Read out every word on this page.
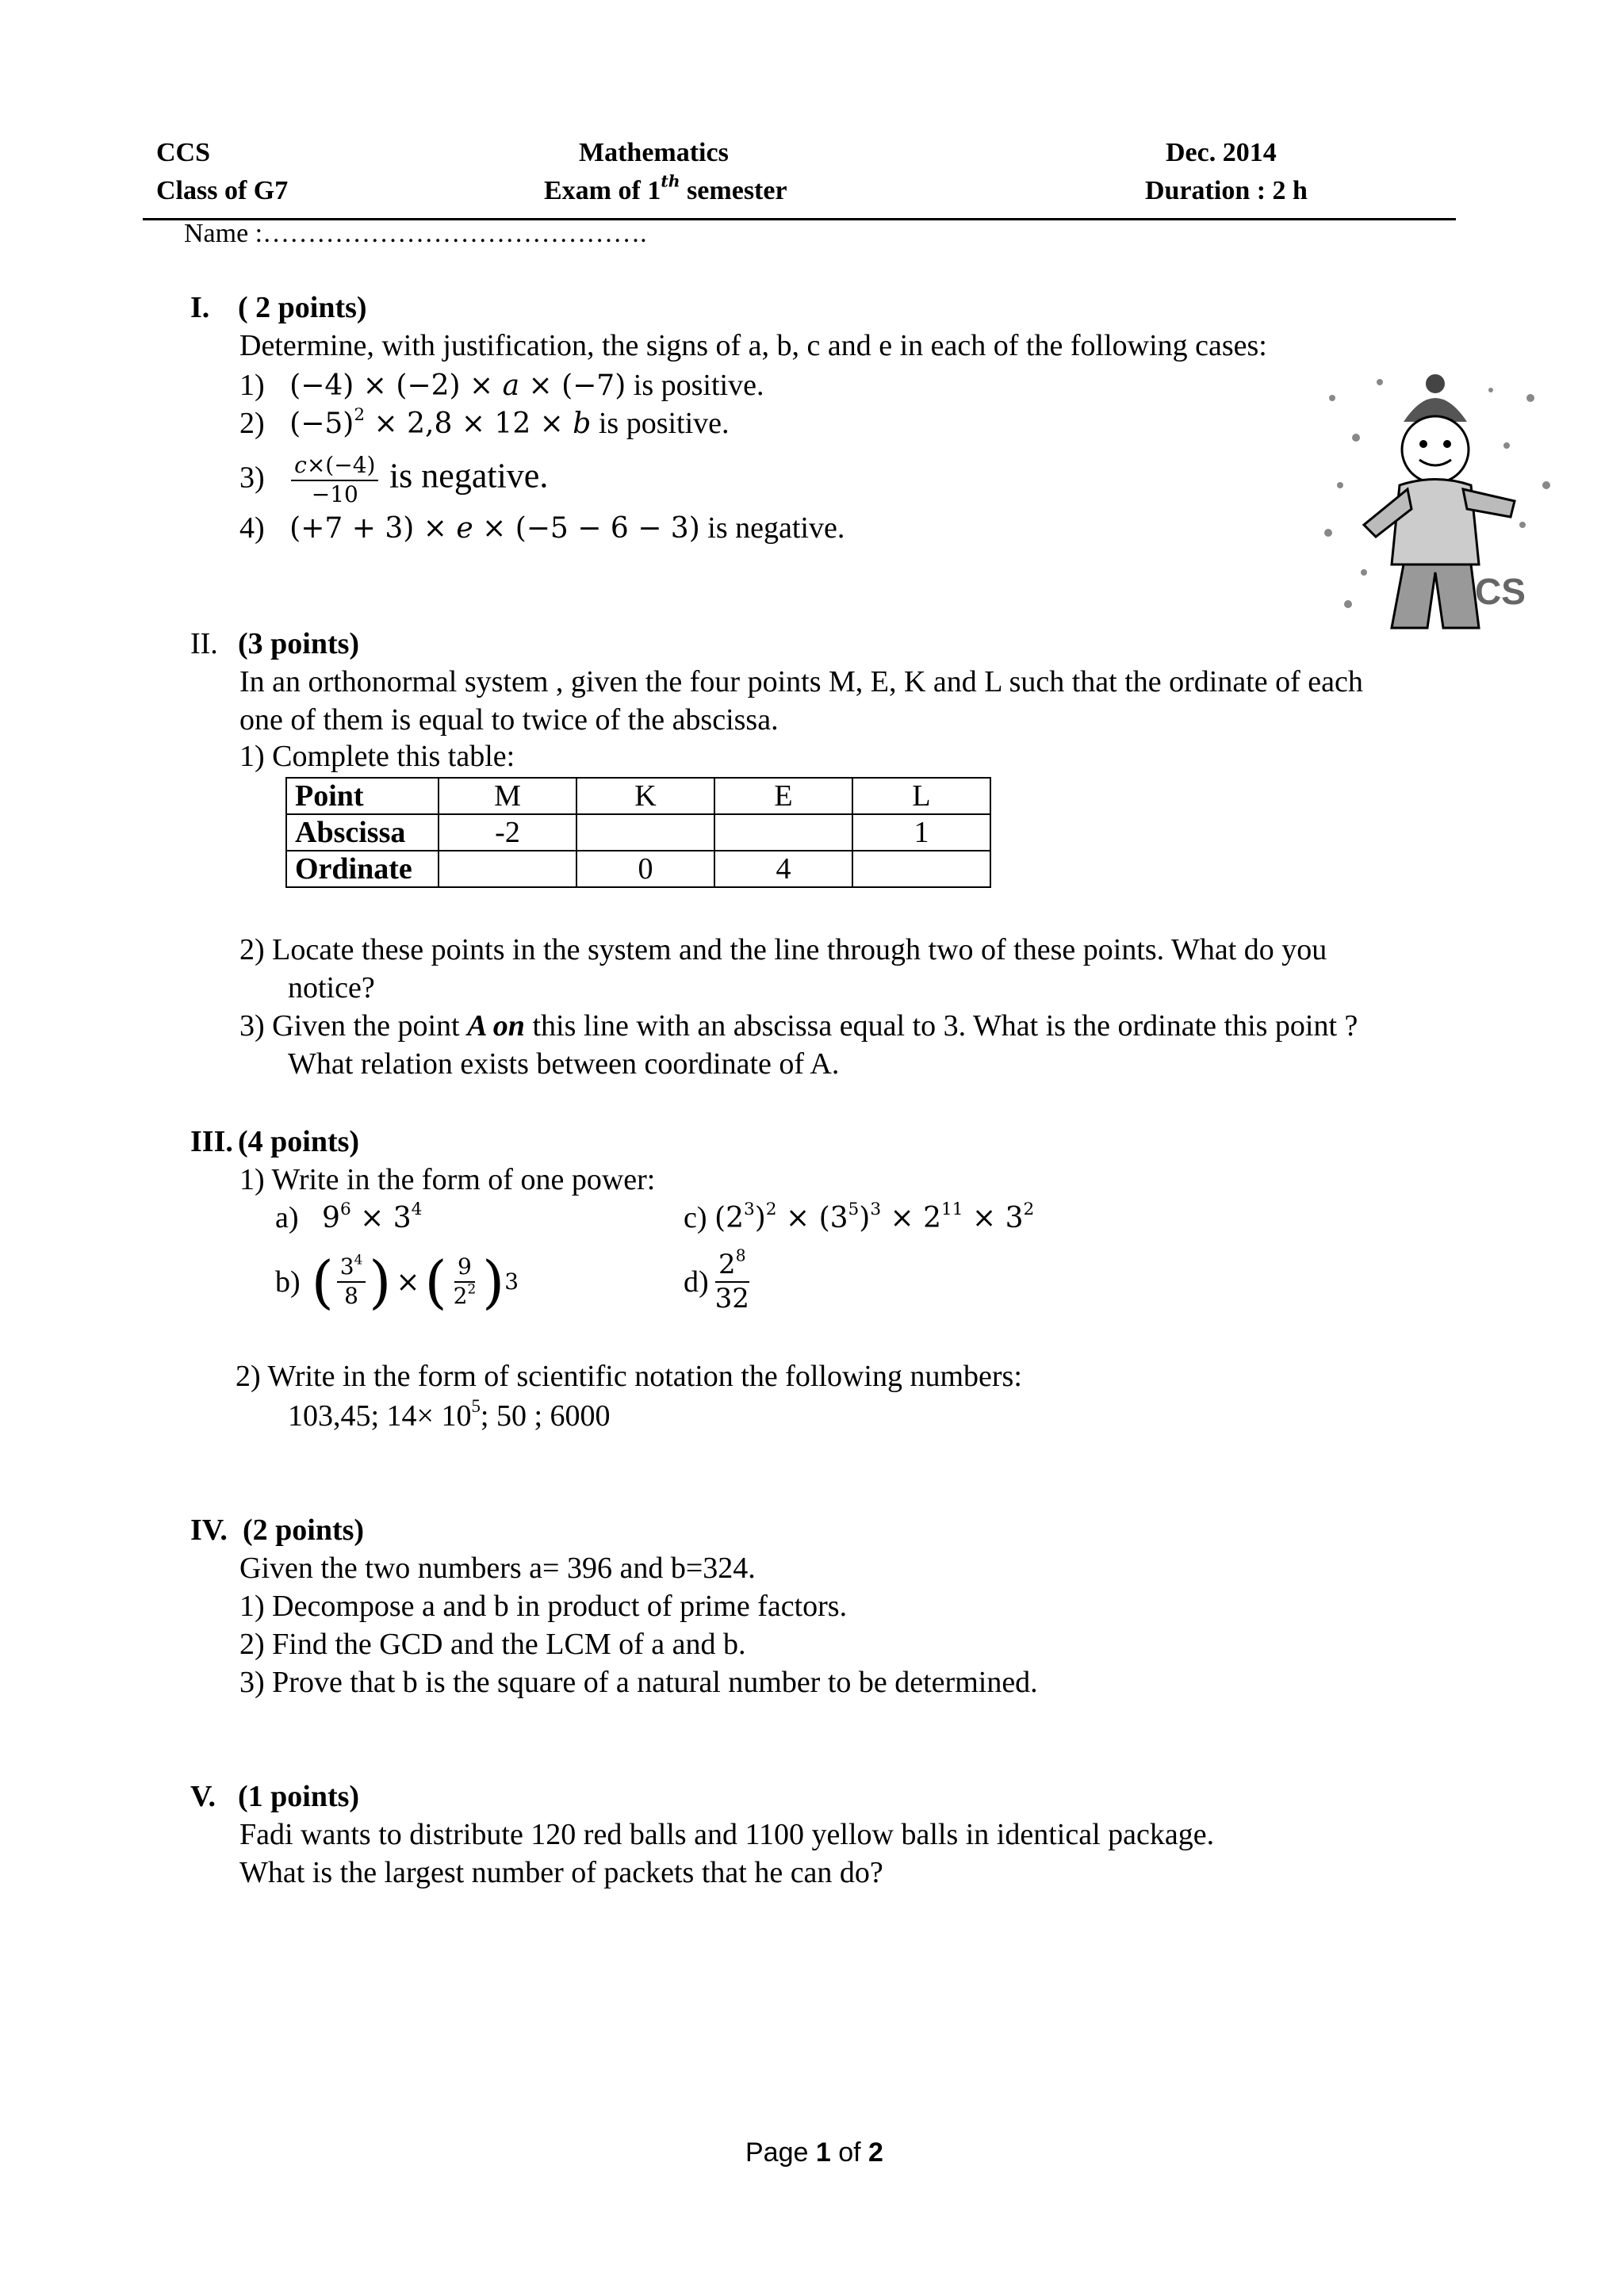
CCS
Class of G7
Mathematics
Exam of 1th semester
Dec. 2014
Duration : 2 h
Name :…………………………………….
I. ( 2 points)
Determine, with justification, the signs of a, b, c and e in each of the following cases:
1) (−4) × (−2) × a × (−7) is positive.
2) $(-5)^2 \times 2,8 \times 12 \times b$ is positive.
$3) \frac{c\times(-4)}{-10}$ is negative.
4) (+7 + 3) × e × (−5 − 6 − 3) is negative.
CS
II. (3 points)
In an orthonormal system , given the four points M, E, K and L such that the ordinate of each
one of them is equal to twice of the abscissa.
1) Complete this table:
Point	M	K	E	L
Abscissa	-2			1
Ordinate		0	4	
2) Locate these points in the system and the line through two of these points. What do you
notice?
3) Given the point A on this line with an abscissa equal to 3. What is the ordinate this point ?
What relation exists between coordinate of A.
III. (4 points)
1) Write in the form of one power:
a) $9^6 \times 3^4$	c) $(2^3)^2 \times (3^5)^3 \times 2^{11} \times 3^2$
b) ( $\frac{3^4}{8}$ ) × ( $\frac{9}{2^2}$ ) 3	$d) \frac{2^8}{32}$
2) Write in the form of scientific notation the following numbers:
103,45; $14\times 10^5$; 50 ; 6000
IV. (2 points)
Given the two numbers a= 396 and b=324.
1) Decompose a and b in product of prime factors.
2) Find the GCD and the LCM of a and b.
3) Prove that b is the square of a natural number to be determined.
V. (1 points)
Fadi wants to distribute 120 red balls and 1100 yellow balls in identical package.
What is the largest number of packets that he can do?
Page 1 of 2
